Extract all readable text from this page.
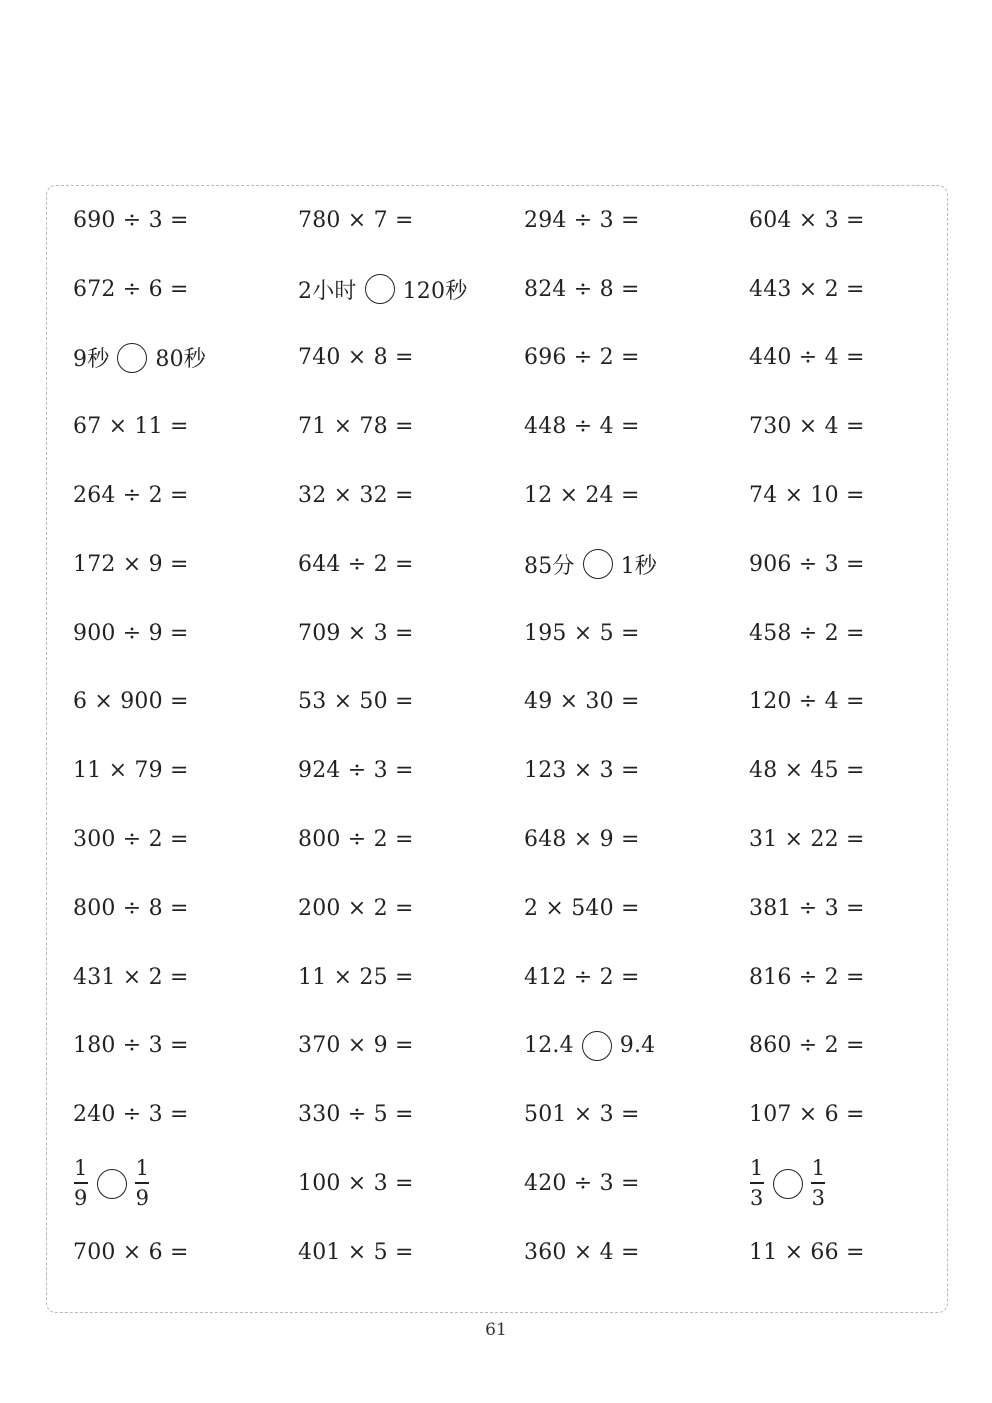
690 ÷ 3 =	780 × 7 =	294 ÷ 3 =	604 × 3 =
672 ÷ 6 =	2小时 120秒	824 ÷ 8 =	443 × 2 =
9秒 80秒	740 × 8 =	696 ÷ 2 =	440 ÷ 4 =
67 × 11 =	71 × 78 =	448 ÷ 4 =	730 × 4 =
264 ÷ 2 =	32 × 32 =	12 × 24 =	74 × 10 =
172 × 9 =	644 ÷ 2 =	85分 1秒	906 ÷ 3 =
900 ÷ 9 =	709 × 3 =	195 × 5 =	458 ÷ 2 =
6 × 900 =	53 × 50 =	49 × 30 =	120 ÷ 4 =
11 × 79 =	924 ÷ 3 =	123 × 3 =	48 × 45 =
300 ÷ 2 =	800 ÷ 2 =	648 × 9 =	31 × 22 =
800 ÷ 8 =	200 × 2 =	2 × 540 =	381 ÷ 3 =
431 × 2 =	11 × 25 =	412 ÷ 2 =	816 ÷ 2 =
180 ÷ 3 =	370 × 9 =	12.4 9.4	860 ÷ 2 =
240 ÷ 3 =	330 ÷ 5 =	501 × 3 =	107 × 6 =
$\frac{1}{9} \frac{1}{9}$	100 × 3 =	420 ÷ 3 =	$\frac{1}{3} \frac{1}{3}$
700 × 6 =	401 × 5 =	360 × 4 =	11 × 66 =
61
